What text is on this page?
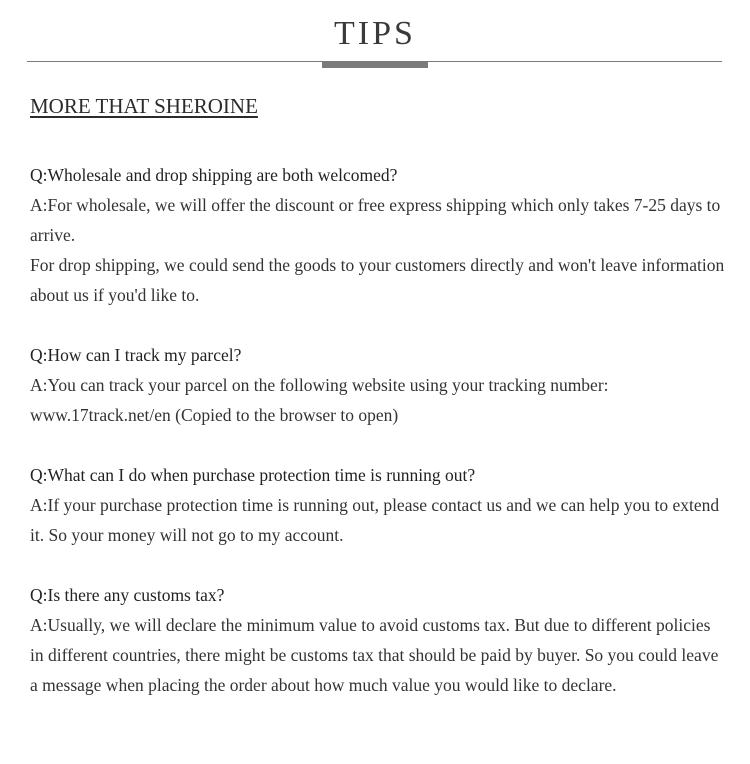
TIPS
MORE THAT SHEROINE

Q:Wholesale and drop shipping are both welcomed?

A:For wholesale, we will offer the discount or free express shipping which only takes 7-25 days to arrive.

For drop shipping, we could send the goods to your customers directly and won't leave information about us if you'd like to.

Q:How can I track my parcel?

A:You can track your parcel on the following website using your tracking number: www.17track.net/en (Copied to the browser to open)

Q:What can I do when purchase protection time is running out?

A:If your purchase protection time is running out, please contact us and we can help you to extend it. So your money will not go to my account.

Q:Is there any customs tax?

A:Usually, we will declare the minimum value to avoid customs tax. But due to different policies in different countries, there might be customs tax that should be paid by buyer. So you could leave a message when placing the order about how much value you would like to declare.
